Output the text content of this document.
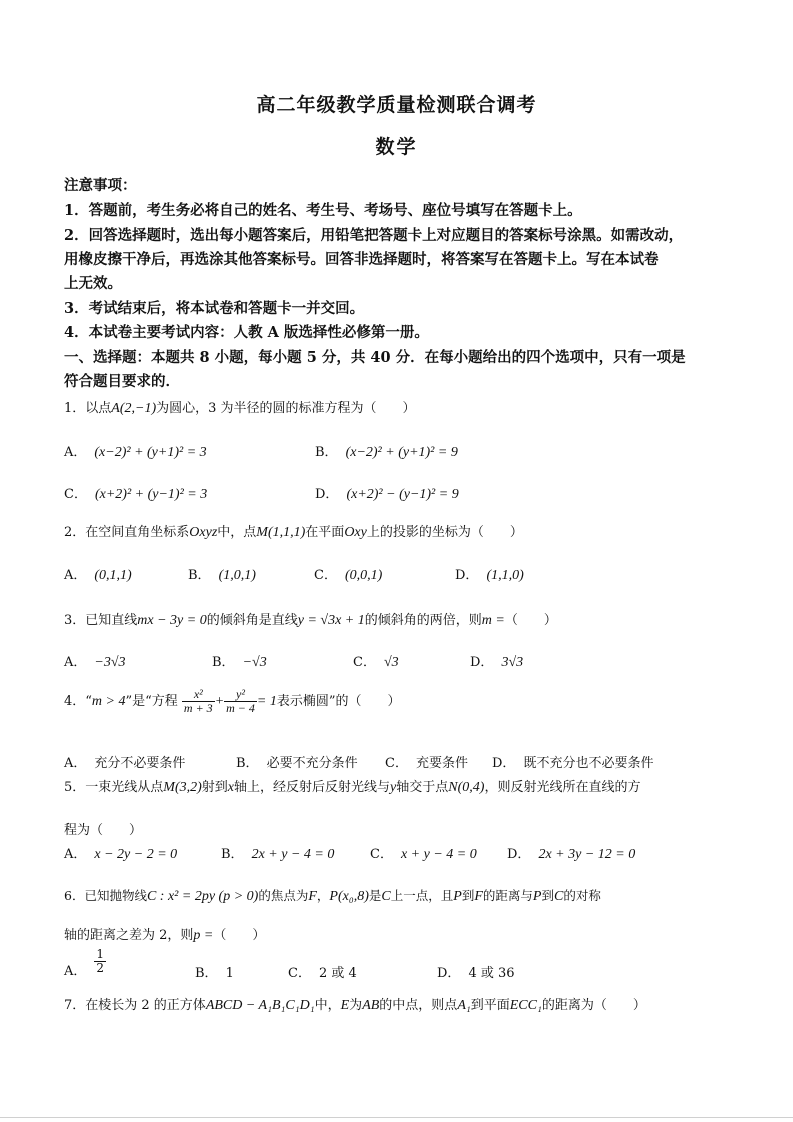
高二年级教学质量检测联合调考
数学
注意事项：
1．答题前，考生务必将自己的姓名、考生号、考场号、座位号填写在答题卡上。
2．回答选择题时，选出每小题答案后，用铅笔把答题卡上对应题目的答案标号涂黑。如需改动，
用橡皮擦干净后，再选涂其他答案标号。回答非选择题时，将答案写在答题卡上。写在本试卷
上无效。
3．考试结束后，将本试卷和答题卡一并交回。
4．本试卷主要考试内容：人教 A 版选择性必修第一册。
一、选择题：本题共 8 小题，每小题 5 分，共 40 分．在每小题给出的四个选项中，只有一项是
符合题目要求的．
1．以点A(2,−1)为圆心，3 为半径的圆的标准方程为（　　）
A． (x−2)² + (y+1)² = 3	B． (x−2)² + (y+1)² = 9
C． (x+2)² + (y−1)² = 3	D． (x+2)² − (y−1)² = 9
2．在空间直角坐标系Oxyz中，点M(1,1,1)在平面Oxy上的投影的坐标为（　　）
A． (0,1,1)	B． (1,0,1)	C． (0,0,1)	D． (1,1,0)
3．已知直线mx − 3y = 0的倾斜角是直线y = √3x + 1的倾斜角的两倍，则m =（　　）
A． −3√3	B． −√3	C． √3	D． 3√3
4．“m > 4”是“方程 $\frac{\text{x²}}{m + 3} + \frac{\text{y²}}{m - 4} = 1$表示椭圆”的（　　）
A． 充分不必要条件	B． 必要不充分条件 C． 充要条件 D． 既不充分也不必要条件
5．一束光线从点M(3,2)射到x轴上，经反射后反射光线与y轴交于点N(0,4)，则反射光线所在直线的方
程为（　　）
A． x − 2y − 2 = 0	B． 2x + y − 4 = 0	C． x + y − 4 = 0 D． 2x + 3y − 12 = 0
6．已知抛物线C : x² = 2py (p > 0)的焦点为F，P(x₀,8)是C上一点，且P到F的距离与P到C的对称
轴的距离之差为 2，则p =（　　）
A． $\frac{1}{2}$	B． 1	C． 2 或 4	D． 4 或 36
7．在棱长为 2 的正方体ABCD − A₁B₁C₁D₁中，E为AB的中点，则点A₁到平面ECC₁的距离为（　　）
